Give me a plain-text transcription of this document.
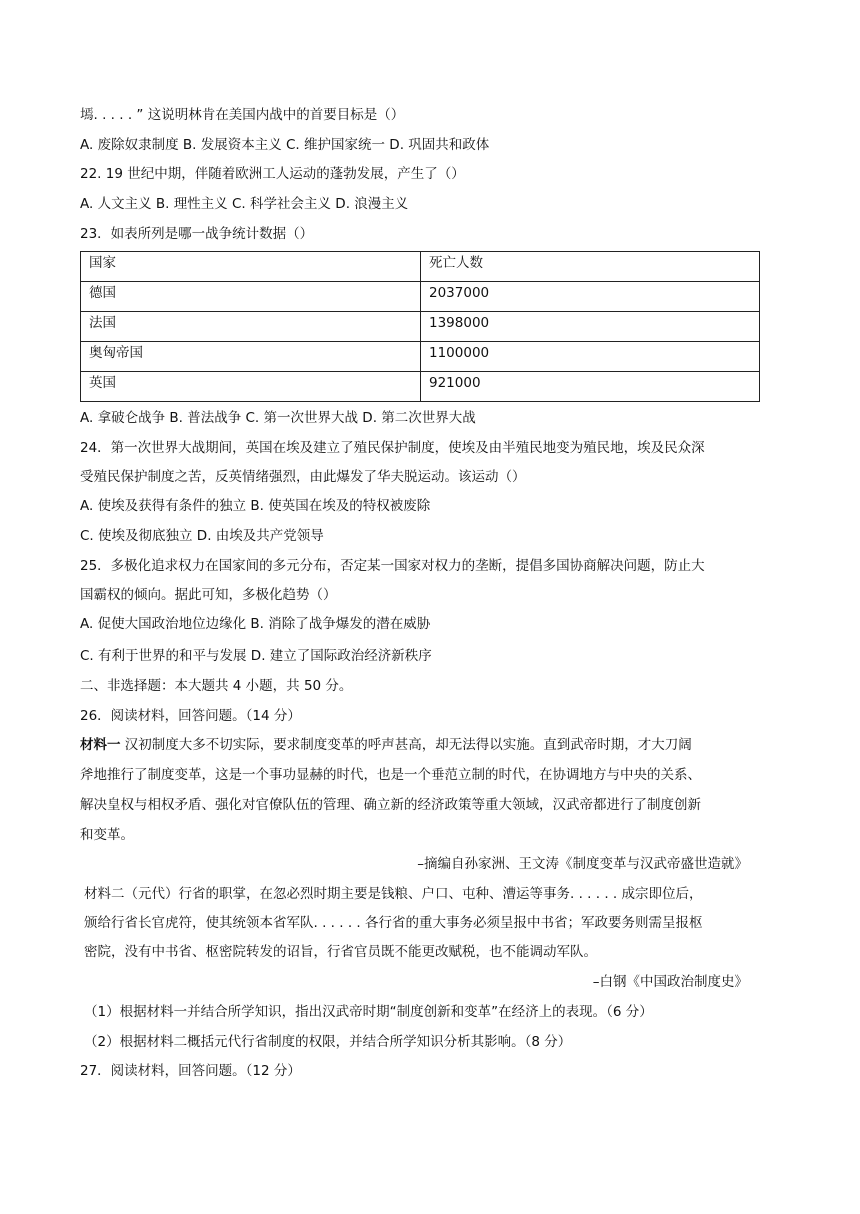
墕. . . . . ” 这说明林肯在美国内战中的首要目标是（）
A. 废除奴隶制度 B. 发展资本主义 C. 维护国家统一 D. 巩固共和政体
22. 19 世纪中期，伴随着欧洲工人运动的蓬勃发展，产生了（）
A. 人文主义 B. 理性主义 C. 科学社会主义 D. 浪漫主义
23．如表所列是哪一战争统计数据（）
国家	死亡人数
德国	2037000
法国	1398000
奥匈帝国	1100000
英国	921000
A. 拿破仑战争 B. 普法战争 C. 第一次世界大战 D. 第二次世界大战
24．第一次世界大战期间，英国在埃及建立了殖民保护制度，使埃及由半殖民地变为殖民地，埃及民众深
受殖民保护制度之苦，反英情绪强烈，由此爆发了华夫脱运动。该运动（）
A. 使埃及获得有条件的独立 B. 使英国在埃及的特权被废除
C. 使埃及彻底独立 D. 由埃及共产党领导
25．多极化追求权力在国家间的多元分布，否定某一国家对权力的垄断，提倡多国协商解决问题，防止大
国霸权的倾向。据此可知，多极化趋势（）
A. 促使大国政治地位边缘化 B. 消除了战争爆发的潜在威胁
C. 有利于世界的和平与发展 D. 建立了国际政治经济新秩序
二、非选择题：本大题共 4 小题，共 50 分。
26．阅读材料，回答问题。（14 分）
材料一 汉初制度大多不切实际，要求制度变革的呼声甚高，却无法得以实施。直到武帝时期，才大刀阔
斧地推行了制度变革，这是一个事功显赫的时代，也是一个垂范立制的时代，在协调地方与中央的关系、
解决皇权与相权矛盾、强化对官僚队伍的管理、确立新的经济政策等重大领域，汉武帝都进行了制度创新
和变革。
–摘编自孙家洲、王文涛《制度变革与汉武帝盛世造就》
材料二（元代）行省的职掌，在忽必烈时期主要是钱粮、户口、屯种、漕运等事务. . . . . . 成宗即位后，
颁给行省长官虎符，使其统领本省军队. . . . . . 各行省的重大事务必须呈报中书省；军政要务则需呈报枢
密院，没有中书省、枢密院转发的诏旨，行省官员既不能更改赋税，也不能调动军队。
–白钢《中国政治制度史》
（1）根据材料一并结合所学知识，指出汉武帝时期“制度创新和变革”在经济上的表现。（6 分）
（2）根据材料二概括元代行省制度的权限，并结合所学知识分析其影响。（8 分）
27．阅读材料，回答问题。（12 分）
